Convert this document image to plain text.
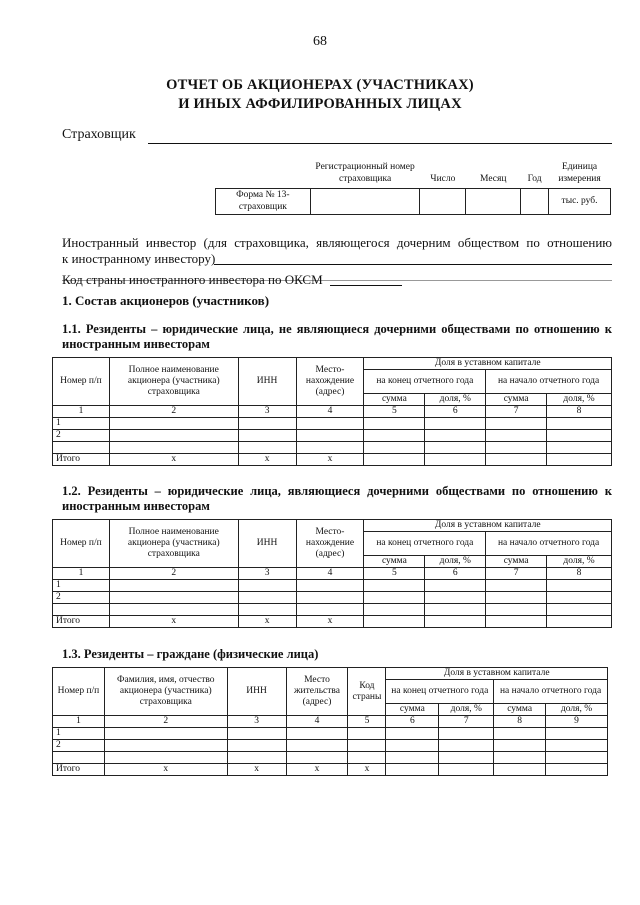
68
ОТЧЕТ ОБ АКЦИОНЕРАХ (УЧАСТНИКАХ)
И ИНЫХ АФФИЛИРОВАННЫХ ЛИЦАХ
Страховщик
	Регистрационный номер страховщика	Число	Месяц	Год	Единица измерения
Форма № 13-страховщик					тыс. руб.
Иностранный инвестор (для страховщика, являющегося дочерним обществом по отношению
к иностранному инвестору)
Код страны иностранного инвестора по ОКСМ
1. Состав акционеров (участников)
1.1. Резиденты – юридические лица, не являющиеся дочерними обществами по отношению к иностранным инвесторам
Номер п/п	Полное наименование акционера (участника) страховщика	ИНН	Место-нахождение (адрес)	Доля в уставном капитале			
				на конец отчетного года		на начало отчетного года	
				сумма	доля, %	сумма	доля, %
1	2	3	4	5	6	7	8
1							
2							

Итого	x	x	x				
1.2. Резиденты – юридические лица, являющиеся дочерними обществами по отношению к иностранным инвесторам
Номер п/п	Полное наименование акционера (участника) страховщика	ИНН	Место-нахождение (адрес)	Доля в уставном капитале			
				на конец отчетного года		на начало отчетного года	
				сумма	доля, %	сумма	доля, %
1	2	3	4	5	6	7	8
1							
2							

Итого	x	x	x				
1.3. Резиденты – граждане (физические лица)
Номер п/п	Фамилия, имя, отчество акционера (участника) страховщика	ИНН	Место жительства (адрес)	Код страны	Доля в уставном капитале			
					на конец отчетного года		на начало отчетного года	
					сумма	доля, %	сумма	доля, %
1	2	3	4	5	6	7	8	9
1								
2								

Итого	x	x	x	x				
